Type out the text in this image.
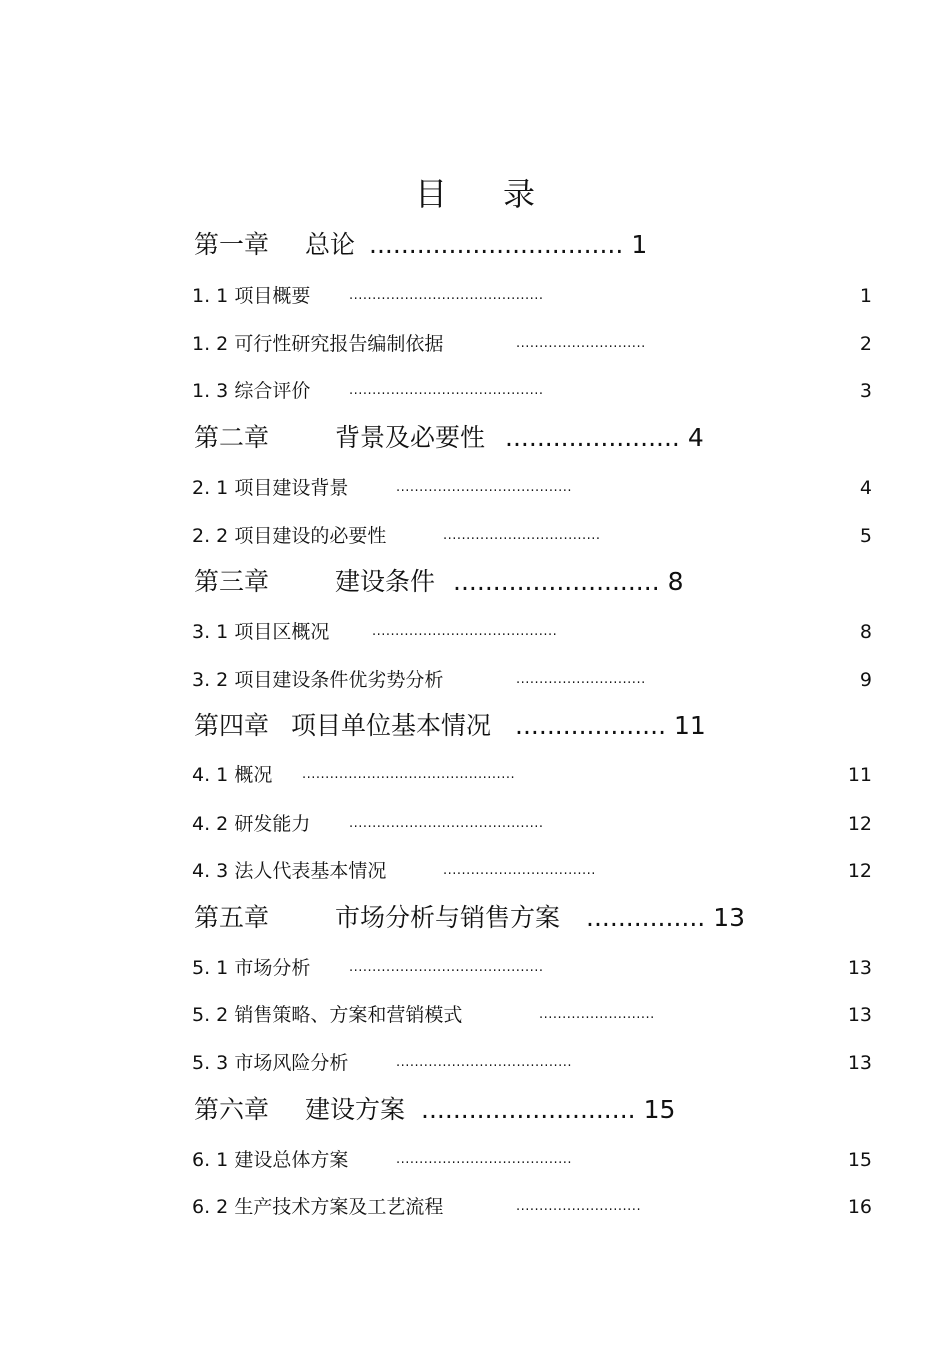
目 录
第一章 总论 ................................ 1
1. 1 项目概要	..........................................	1
1. 2 可行性研究报告编制依据	............................	2
1. 3 综合评价	..........................................	3
第二章	背景及必要性 ...................... 4
2. 1 项目建设背景	......................................	4
2. 2 项目建设的必要性	..................................	5
第三章	建设条件 .......................... 8
3. 1 项目区概况	........................................	8
3. 2 项目建设条件优劣势分析	............................	9
第四章 项目单位基本情况 ................... 11
4. 1 概况 ..............................................	11
4. 2 研发能力	..........................................	12
4. 3 法人代表基本情况	.................................	12
第五章	市场分析与销售方案 ............... 13
5. 1 市场分析	..........................................	13
5. 2 销售策略、方案和营销模式	.........................	13
5. 3 市场风险分析	......................................	13
第六章 建设方案 ........................... 15
6. 1 建设总体方案	......................................	15
6. 2 生产技术方案及工艺流程	...........................	16
